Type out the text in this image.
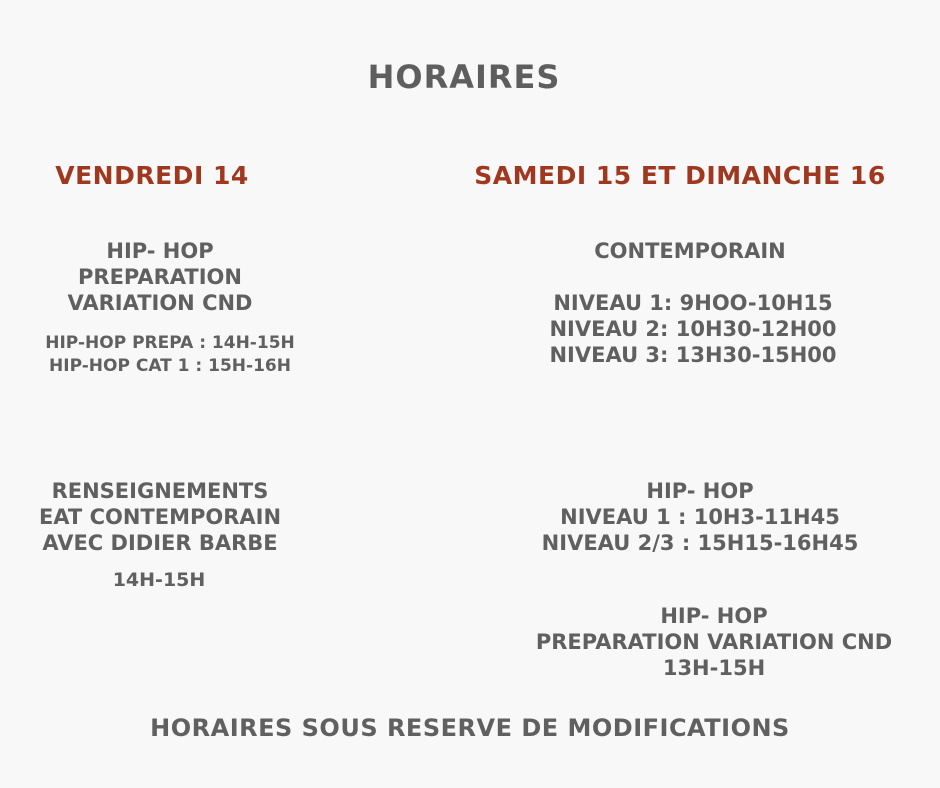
HORAIRES
VENDREDI 14	SAMEDI 15 ET DIMANCHE 16
HIP- HOP
PREPARATION
VARIATION CND
HIP-HOP PREPA : 14H-15H
HIP-HOP CAT 1 : 15H-16H
RENSEIGNEMENTS
EAT CONTEMPORAIN
AVEC DIDIER BARBE
14H-15H
CONTEMPORAIN
NIVEAU 1: 9HOO-10H15
NIVEAU 2: 10H30-12H00
NIVEAU 3: 13H30-15H00
HIP- HOP
NIVEAU 1 : 10H3-11H45
NIVEAU 2/3 : 15H15-16H45
HIP- HOP
PREPARATION VARIATION CND
13H-15H
HORAIRES SOUS RESERVE DE MODIFICATIONS
